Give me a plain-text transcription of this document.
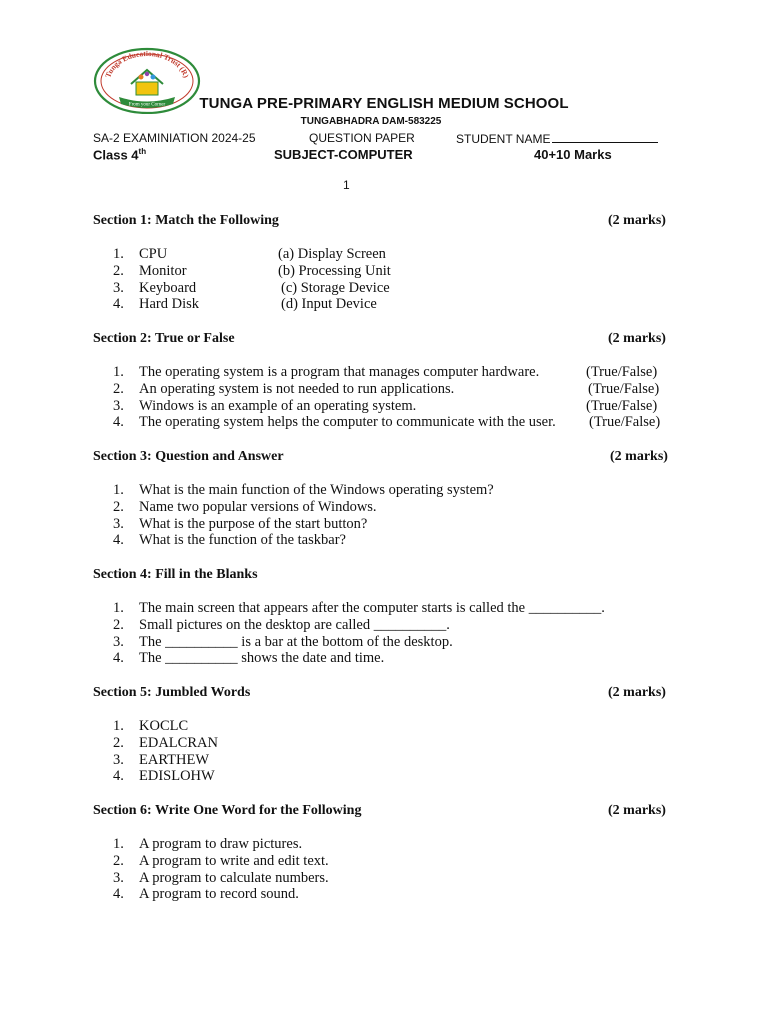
Tunga Educational Trust (R)
From your Corner	TUNGA PRE-PRIMARY ENGLISH MEDIUM SCHOOL
TUNGABHADRA DAM-583225
SA-2 EXAMINIATION 2024-25	QUESTION PAPER	STUDENT NAME
Class 4th	SUBJECT-COMPUTER	40+10 Marks
1
Section 1: Match the Following	(2 marks)
1. CPU	(a) Display Screen
2. Monitor	(b) Processing Unit
3. Keyboard	(c) Storage Device
4. Hard Disk	(d) Input Device
Section 2: True or False	(2 marks)
1. The operating system is a program that manages computer hardware.	(True/False)
2. An operating system is not needed to run applications.	(True/False)
3. Windows is an example of an operating system.	(True/False)
4. The operating system helps the computer to communicate with the user. (True/False)
Section 3: Question and Answer	(2 marks)
1. What is the main function of the Windows operating system?
2. Name two popular versions of Windows.
3. What is the purpose of the start button?
4. What is the function of the taskbar?
Section 4: Fill in the Blanks
1. The main screen that appears after the computer starts is called the __________.
2. Small pictures on the desktop are called __________.
3. The __________ is a bar at the bottom of the desktop.
4. The __________ shows the date and time.
Section 5: Jumbled Words	(2 marks)
1. KOCLC
2. EDALCRAN
3. EARTHEW
4. EDISLOHW
Section 6: Write One Word for the Following	(2 marks)
1. A program to draw pictures.
2. A program to write and edit text.
3. A program to calculate numbers.
4. A program to record sound.
